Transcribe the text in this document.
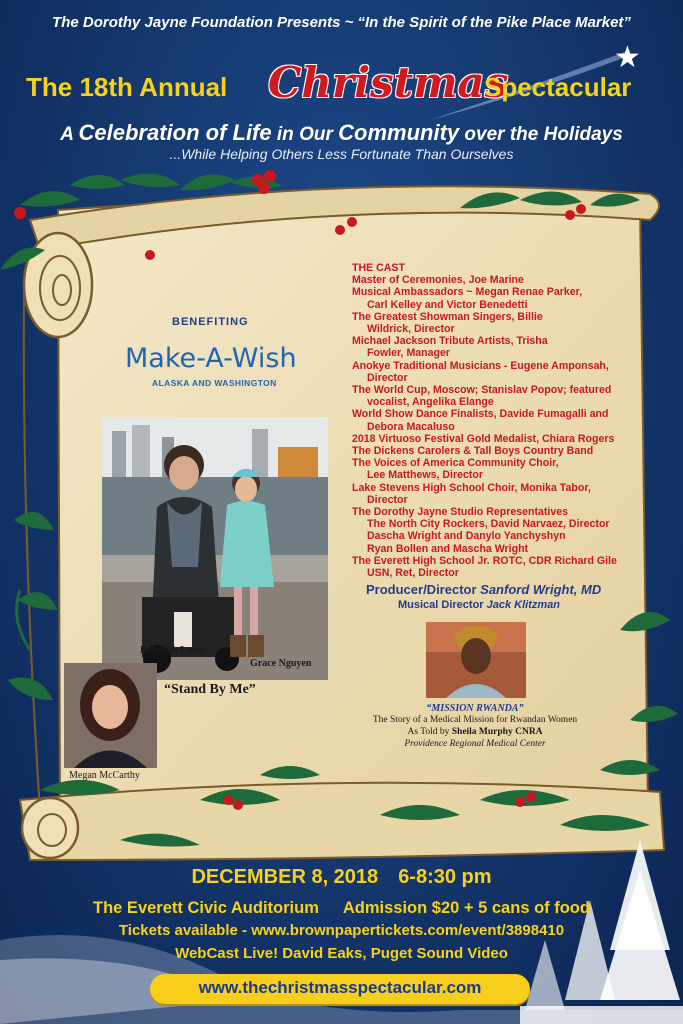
★
The Dorothy Jayne Foundation Presents ~ “In the Spirit of the Pike Place Market”
The 18th Annual Christmas
Spectacular
A Celebration of Life in Our Community over the Holidays
...While Helping Others Less Fortunate Than Ourselves
BENEFITING
Make-A-Wish
ALASKA AND WASHINGTON
Rebekah Lovitt
Grace Nguyen
Megan McCarthy
“Stand By Me”
THE CAST
Master of Ceremonies, Joe Marine
Musical Ambassadors ~ Megan Renae Parker,
Carl Kelley and Victor Benedetti
The Greatest Showman Singers, Billie
Wildrick, Director
Michael Jackson Tribute Artists, Trisha
Fowler, Manager
Anokye Traditional Musicians - Eugene Amponsah,
Director
The World Cup, Moscow; Stanislav Popov; featured
vocalist, Angelika Elange
World Show Dance Finalists, Davide Fumagalli and
Debora Macaluso
2018 Virtuoso Festival Gold Medalist, Chiara Rogers
The Dickens Carolers & Tall Boys Country Band
The Voices of America Community Choir,
Lee Matthews, Director
Lake Stevens High School Choir, Monika Tabor,
Director
The Dorothy Jayne Studio Representatives
The North City Rockers, David Narvaez, Director
Dascha Wright and Danylo Yanchyshyn
Ryan Bollen and Mascha Wright
The Everett High School Jr. ROTC, CDR Richard Gile
USN, Ret, Director
Producer/Director Sanford Wright, MD
Musical Director Jack Klitzman
“MISSION RWANDA”
The Story of a Medical Mission for Rwandan Women
As Told by Sheila Murphy CNRA
Providence Regional Medical Center
DECEMBER 8, 2018 6-8:30 pm
The Everett Civic Auditorium Admission $20 + 5 cans of food
Tickets available - www.brownpapertickets.com/event/3898410
WebCast Live! David Eaks, Puget Sound Video
www.thechristmasspectacular.com
